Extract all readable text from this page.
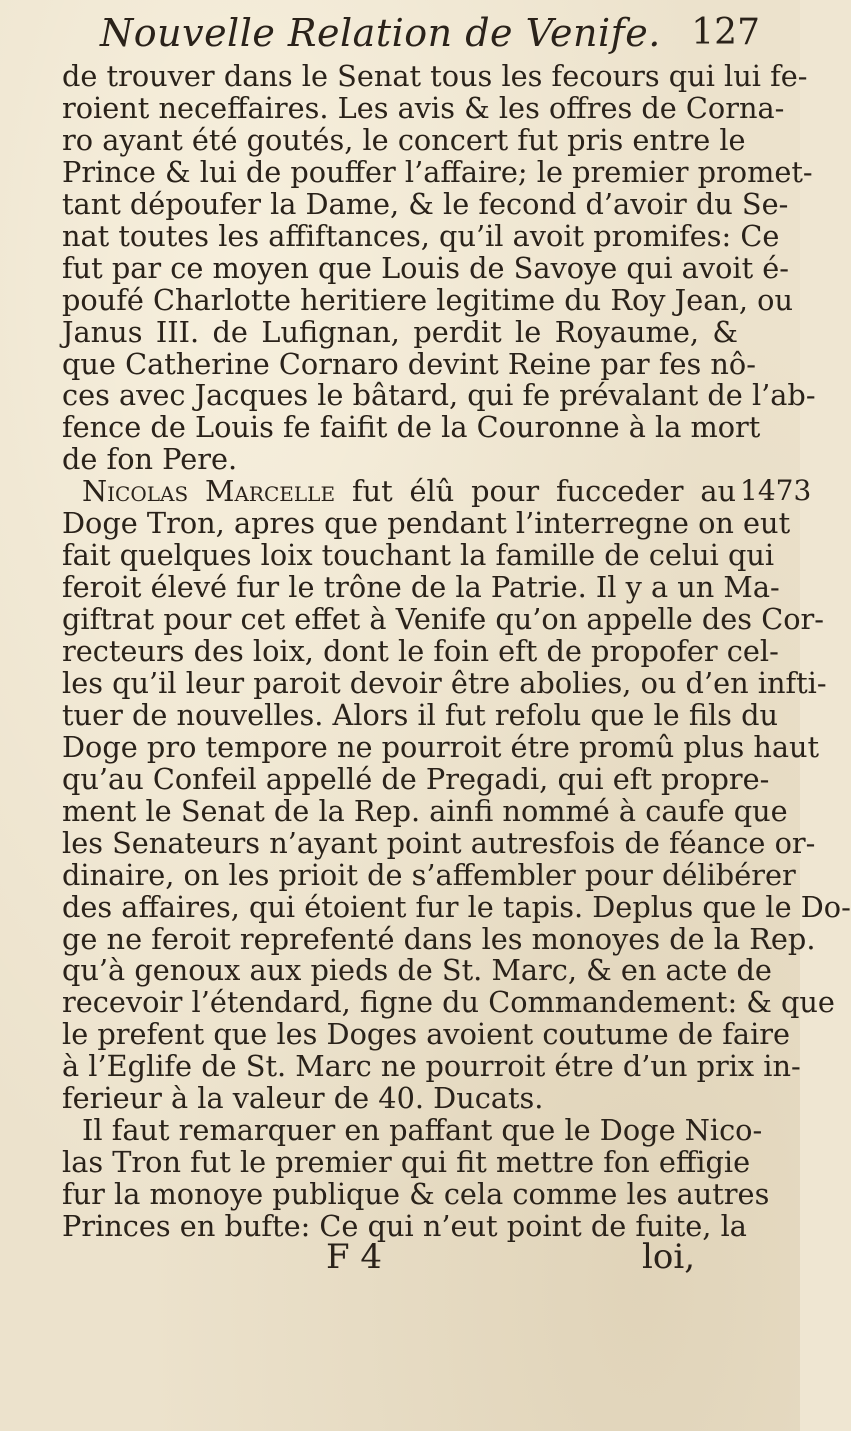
Nouvelle Relation de Venife. 127
de trouver dans le Senat tous les fecours qui lui fe-
roient neceffaires. Les avis & les offres de Corna-
ro ayant été goutés, le concert fut pris entre le
Prince & lui de pouffer l’affaire; le premier promet-
tant dépoufer la Dame, & le fecond d’avoir du Se-
nat toutes les affiftances, qu’il avoit promifes: Ce
fut par ce moyen que Louis de Savoye qui avoit é-
poufé Charlotte heritiere legitime du Roy Jean, ou
Janus III. de Lufignan, perdit le Royaume, &
que Catherine Cornaro devint Reine par fes nô-
ces avec Jacques le bâtard, qui fe prévalant de l’ab-
fence de Louis fe faifit de la Couronne à la mort
de fon Pere.
Nicolas Marcelle fut élû pour fucceder au
Doge Tron, apres que pendant l’interregne on eut
fait quelques loix touchant la famille de celui qui
feroit élevé fur le trône de la Patrie. Il y a un Ma-
giftrat pour cet effet à Venife qu’on appelle des Cor-
recteurs des loix, dont le foin eft de propofer cel-
les qu’il leur paroit devoir être abolies, ou d’en infti-
tuer de nouvelles. Alors il fut refolu que le fils du
Doge pro tempore ne pourroit étre promû plus haut
qu’au Confeil appellé de Pregadi, qui eft propre-
ment le Senat de la Rep. ainfi nommé à caufe que
les Senateurs n’ayant point autresfois de féance or-
dinaire, on les prioit de s’affembler pour délibérer
des affaires, qui étoient fur le tapis. Deplus que le Do-
ge ne feroit reprefenté dans les monoyes de la Rep.
qu’à genoux aux pieds de St. Marc, & en acte de
recevoir l’étendard, figne du Commandement: & que
le prefent que les Doges avoient coutume de faire
à l’Eglife de St. Marc ne pourroit étre d’un prix in-
ferieur à la valeur de 40. Ducats.
Il faut remarquer en paffant que le Doge Nico-
las Tron fut le premier qui fit mettre fon effigie
fur la monoye publique & cela comme les autres
Princes en bufte: Ce qui n’eut point de fuite, la
1473
F 4	loi,
